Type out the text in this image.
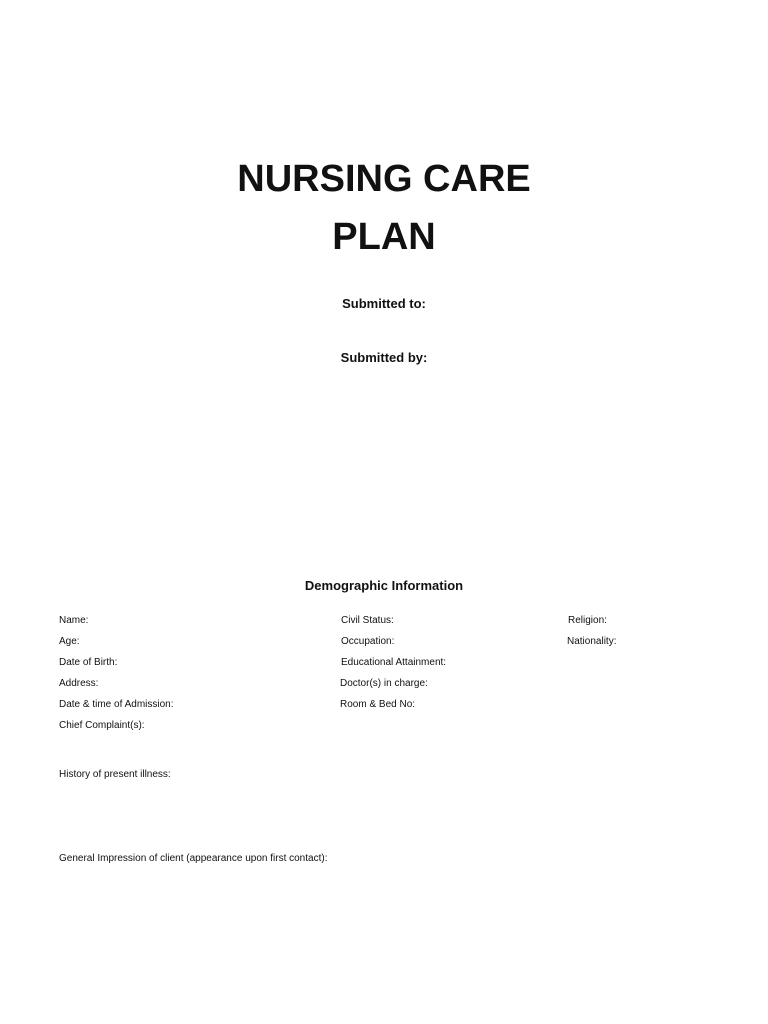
NURSING CARE
PLAN
Submitted to:
Submitted by:
Demographic Information
Name:
Age:
Date of Birth:
Address:
Date & time of Admission:
Chief Complaint(s):
Civil Status:
Occupation:
Educational Attainment:
Doctor(s) in charge:
Room & Bed No:
Religion:
Nationality:
History of present illness:
General Impression of client (appearance upon first contact):
